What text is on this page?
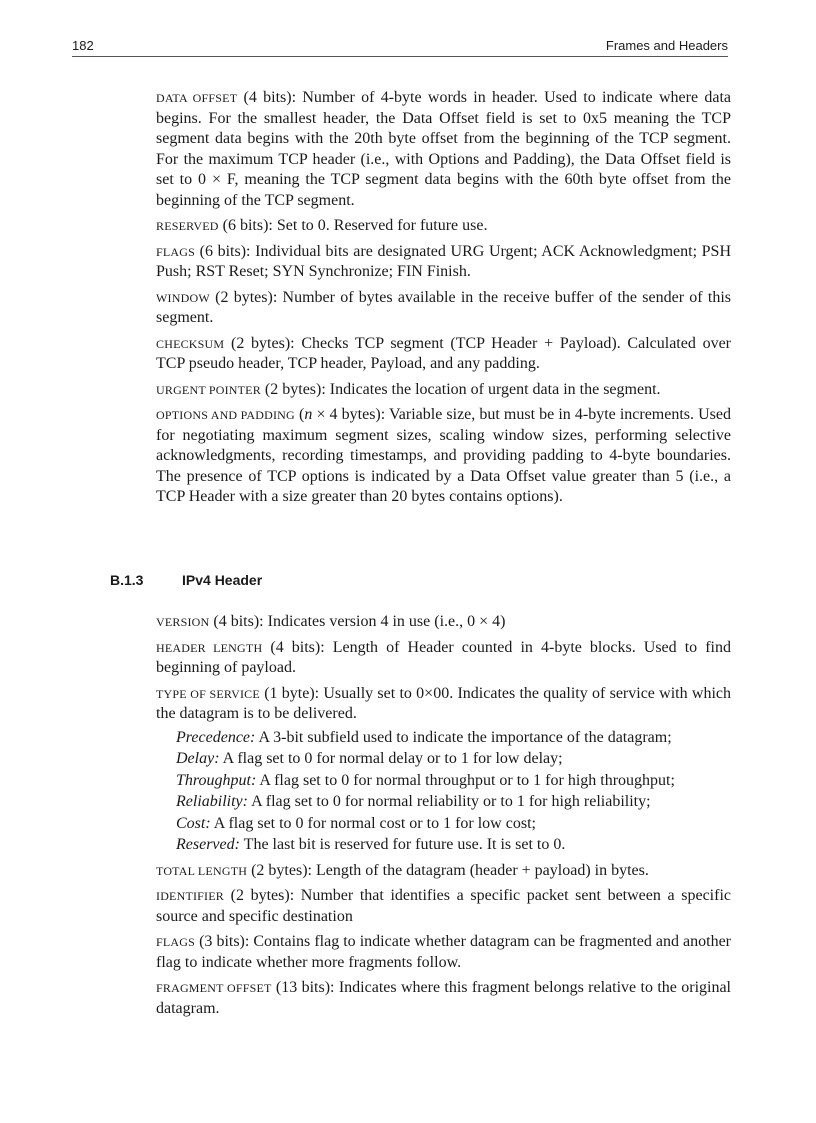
182	Frames and Headers

DATA OFFSET (4 bits): Number of 4-byte words in header. Used to indicate where data begins. For the smallest header, the Data Offset field is set to 0x5 meaning the TCP segment data begins with the 20th byte offset from the beginning of the TCP segment. For the maximum TCP header (i.e., with Options and Padding), the Data Offset field is set to 0 × F, meaning the TCP segment data begins with the 60th byte offset from the beginning of the TCP segment.

RESERVED (6 bits): Set to 0. Reserved for future use.

FLAGS (6 bits): Individual bits are designated URG Urgent; ACK Acknowledgment; PSH Push; RST Reset; SYN Synchronize; FIN Finish.

WINDOW (2 bytes): Number of bytes available in the receive buffer of the sender of this segment.

CHECKSUM (2 bytes): Checks TCP segment (TCP Header + Payload). Calculated over TCP pseudo header, TCP header, Payload, and any padding.

URGENT POINTER (2 bytes): Indicates the location of urgent data in the segment.

OPTIONS AND PADDING (n × 4 bytes): Variable size, but must be in 4-byte increments. Used for negotiating maximum segment sizes, scaling window sizes, performing selective acknowledgments, recording timestamps, and providing padding to 4-byte boundaries. The presence of TCP options is indicated by a Data Offset value greater than 5 (i.e., a TCP Header with a size greater than 20 bytes contains options).

B.1.3	IPv4 Header

VERSION (4 bits): Indicates version 4 in use (i.e., 0 × 4)

HEADER LENGTH (4 bits): Length of Header counted in 4-byte blocks. Used to find beginning of payload.

TYPE OF SERVICE (1 byte): Usually set to 0×00. Indicates the quality of service with which the datagram is to be delivered.

Precedence: A 3-bit subfield used to indicate the importance of the datagram;

Delay: A flag set to 0 for normal delay or to 1 for low delay;

Throughput: A flag set to 0 for normal throughput or to 1 for high throughput;

Reliability: A flag set to 0 for normal reliability or to 1 for high reliability;

Cost: A flag set to 0 for normal cost or to 1 for low cost;

Reserved: The last bit is reserved for future use. It is set to 0.

TOTAL LENGTH (2 bytes): Length of the datagram (header + payload) in bytes.

IDENTIFIER (2 bytes): Number that identifies a specific packet sent between a specific source and specific destination

FLAGS (3 bits): Contains flag to indicate whether datagram can be fragmented and another flag to indicate whether more fragments follow.

FRAGMENT OFFSET (13 bits): Indicates where this fragment belongs relative to the original datagram.
